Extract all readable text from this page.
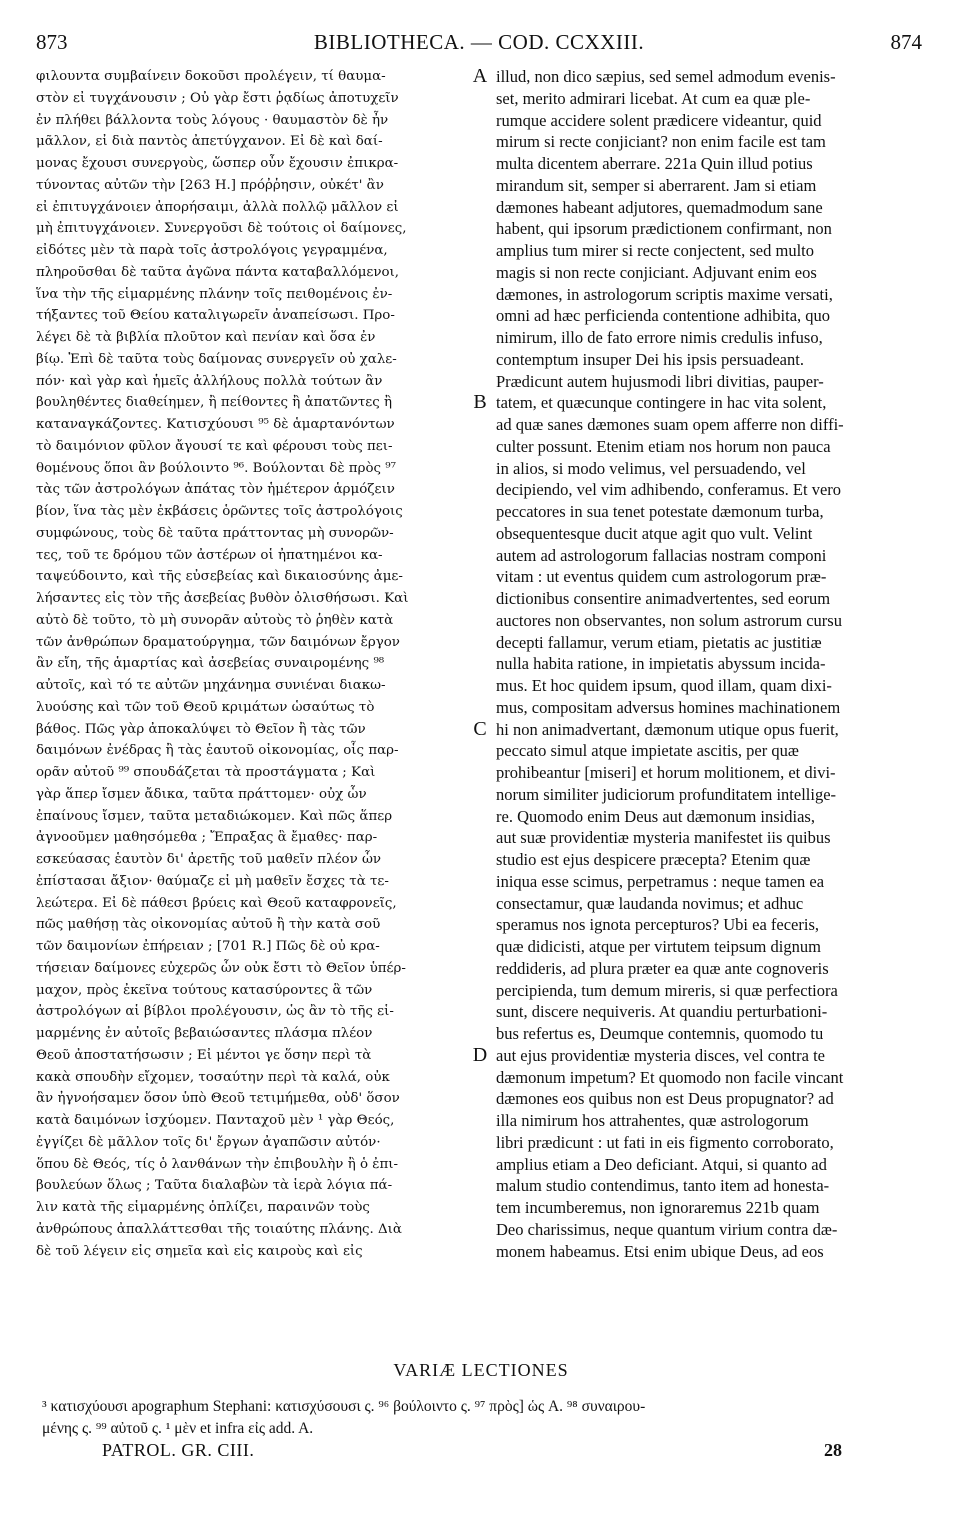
873	BIBLIOTHECA. — COD. CCXXIII.	874
φιλουντα συμβαίνειν δοκοῦσι προλέγειν, τί θαυμα-
στὸν εἰ τυγχάνουσιν ; Οὐ γὰρ ἔστι ῥᾳδίως ἀποτυχεῖν
ἐν πλήθει βάλλοντα τοὺς λόγους · θαυμαστὸν δὲ ἦν
μᾶλλον, εἰ διὰ παντὸς ἀπετύγχανον. Εἰ δὲ καὶ δαί-
μονας ἔχουσι συνεργοὺς, ὥσπερ οὖν ἔχουσιν ἐπικρα-
τύνοντας αὐτῶν τὴν [263 H.] πρόῤῥησιν, οὐκέτ' ἂν
εἰ ἐπιτυγχάνοιεν ἀπορήσαιμι, ἀλλὰ πολλῷ μᾶλλον εἰ
μὴ ἐπιτυγχάνοιεν. Συνεργοῦσι δὲ τούτοις οἱ δαίμονες,
εἰδότες μὲν τὰ παρὰ τοῖς ἀστρολόγοις γεγραμμένα,
πληροῦσθαι δὲ ταῦτα ἀγῶνα πάντα καταβαλλόμενοι,
ἵνα τὴν τῆς εἱμαρμένης πλάνην τοῖς πειθομένοις ἐν-
τήξαντες τοῦ Θείου καταλιγωρεῖν ἀναπείσωσι. Προ-
λέγει δὲ τὰ βιβλία πλοῦτον καὶ πενίαν καὶ ὅσα ἐν
βίῳ. Ἐπὶ δὲ ταῦτα τοὺς δαίμονας συνεργεῖν οὐ χαλε-
πόν· καὶ γὰρ καὶ ἡμεῖς ἀλλήλους πολλὰ τούτων ἂν
βουληθέντες διαθείημεν, ἢ πείθοντες ἢ ἀπατῶντες ἢ
καταναγκάζοντες. Κατισχύουσι ⁹⁵ δὲ ἁμαρτανόντων
τὸ δαιμόνιον φῦλον ἄγουσί τε καὶ φέρουσι τοὺς πει-
θομένους ὅποι ἂν βούλοιντο ⁹⁶. Βούλονται δὲ πρὸς ⁹⁷
τὰς τῶν ἀστρολόγων ἀπάτας τὸν ἡμέτερον ἁρμόζειν
βίον, ἵνα τὰς μὲν ἐκβάσεις ὁρῶντες τοῖς ἀστρολόγοις
συμφώνους, τοὺς δὲ ταῦτα πράττοντας μὴ συνορῶν-
τες, τοῦ τε δρόμου τῶν ἀστέρων οἱ ἠπατημένοι κα-
ταψεύδοιντο, καὶ τῆς εὐσεβείας καὶ δικαιοσύνης ἀμε-
λήσαντες εἰς τὸν τῆς ἀσεβείας βυθὸν ὀλισθήσωσι. Καὶ
αὐτὸ δὲ τοῦτο, τὸ μὴ συνορᾶν αὐτοὺς τὸ ῥηθὲν κατὰ
τῶν ἀνθρώπων δραματούργημα, τῶν δαιμόνων ἔργον
ἂν εἴη, τῆς ἁμαρτίας καὶ ἀσεβείας συναιρομένης ⁹⁸
αὐτοῖς, καὶ τό τε αὐτῶν μηχάνημα συνιέναι διακω-
λυούσης καὶ τῶν τοῦ Θεοῦ κριμάτων ὡσαύτως τὸ
βάθος. Πῶς γὰρ ἀποκαλύψει τὸ Θεῖον ἢ τὰς τῶν
δαιμόνων ἐνέδρας ἢ τὰς ἑαυτοῦ οἰκονομίας, οἷς παρ-
ορᾶν αὐτοῦ ⁹⁹ σπουδάζεται τὰ προστάγματα ; Καὶ
γὰρ ἅπερ ἴσμεν ἄδικα, ταῦτα πράττομεν· οὐχ ὧν
ἐπαίνους ἴσμεν, ταῦτα μεταδιώκομεν. Καὶ πῶς ἅπερ
ἀγνοοῦμεν μαθησόμεθα ; Ἔπραξας ἃ ἔμαθες· παρ-
εσκεύασας ἑαυτὸν δι' ἀρετῆς τοῦ μαθεῖν πλέον ὧν
ἐπίστασαι ἄξιον· θαύμαζε εἰ μὴ μαθεῖν ἔσχες τὰ τε-
λεώτερα. Εἰ δὲ πάθεσι βρύεις καὶ Θεοῦ καταφρονεῖς,
πῶς μαθήσῃ τὰς οἰκονομίας αὐτοῦ ἢ τὴν κατὰ σοῦ
τῶν δαιμονίων ἐπήρειαν ; [701 R.] Πῶς δὲ οὐ κρα-
τήσειαν δαίμονες εὐχερῶς ὧν οὐκ ἔστι τὸ Θεῖον ὑπέρ-
μαχον, πρὸς ἐκεῖνα τούτους κατασύροντες ἃ τῶν
ἀστρολόγων αἱ βίβλοι προλέγουσιν, ὡς ἂν τὸ τῆς εἱ-
μαρμένης ἐν αὐτοῖς βεβαιώσαντες πλάσμα πλέον
Θεοῦ ἀποστατήσωσιν ; Εἰ μέντοι γε ὅσην περὶ τὰ
κακὰ σπουδὴν εἴχομεν, τοσαύτην περὶ τὰ καλά, οὐκ
ἂν ἠγνοήσαμεν ὅσον ὑπὸ Θεοῦ τετιμήμεθα, οὐδ' ὅσον
κατὰ δαιμόνων ἰσχύομεν. Πανταχοῦ μὲν ¹ γὰρ Θεός,
ἐγγίζει δὲ μᾶλλον τοῖς δι' ἔργων ἀγαπῶσιν αὐτόν·
ὅπου δὲ Θεός, τίς ὁ λανθάνων τὴν ἐπιβουλὴν ἢ ὁ ἐπι-
βουλεύων ὅλως ; Ταῦτα διαλαβὼν τὰ ἱερὰ λόγια πά-
λιν κατὰ τῆς εἱμαρμένης ὁπλίζει, παραινῶν τοὺς
ἀνθρώπους ἀπαλλάττεσθαι τῆς τοιαύτης πλάνης. Διὰ
δὲ τοῦ λέγειν εἰς σημεῖα καὶ εἰς καιροὺς καὶ εἰς
A
B
C
D
illud, non dico sæpius, sed semel admodum evenis-
set, merito admirari licebat. At cum ea quæ ple-
rumque accidere solent prædicere videantur, quid
mirum si recte conjiciant? non enim facile est tam
multa dicentem aberrare. 221a Quin illud potius
mirandum sit, semper si aberrarent. Jam si etiam
dæmones habeant adjutores, quemadmodum sane
habent, qui ipsorum prædictionem confirmant, non
amplius tum mirer si recte conjectent, sed multo
magis si non recte conjiciant. Adjuvant enim eos
dæmones, in astrologorum scriptis maxime versati,
omni ad hæc perficienda contentione adhibita, quo
nimirum, illo de fato errore nimis credulis infuso,
contemptum insuper Dei his ipsis persuadeant.
Prædicunt autem hujusmodi libri divitias, pauper-
tatem, et quæcunque contingere in hac vita solent,
ad quæ sanes dæmones suam opem afferre non diffi-
culter possunt. Etenim etiam nos horum non pauca
in alios, si modo velimus, vel persuadendo, vel
decipiendo, vel vim adhibendo, conferamus. Et vero
peccatores in sua tenet potestate dæmonum turba,
obsequentesque ducit atque agit quo vult. Velint
autem ad astrologorum fallacias nostram componi
vitam : ut eventus quidem cum astrologorum præ-
dictionibus consentire animadvertentes, sed eorum
auctores non observantes, non solum astrorum cursu
decepti fallamur, verum etiam, pietatis ac justitiæ
nulla habita ratione, in impietatis abyssum incida-
mus. Et hoc quidem ipsum, quod illam, quam dixi-
mus, compositam adversus homines machinationem
hi non animadvertant, dæmonum utique opus fuerit,
peccato simul atque impietate ascitis, per quæ
prohibeantur [miseri] et horum molitionem, et divi-
norum similiter judiciorum profunditatem intellige-
re. Quomodo enim Deus aut dæmonum insidias,
aut suæ providentiæ mysteria manifestet iis quibus
studio est ejus despicere præcepta? Etenim quæ
iniqua esse scimus, perpetramus : neque tamen ea
consectamur, quæ laudanda novimus; et adhuc
speramus nos ignota percepturos? Ubi ea feceris,
quæ didicisti, atque per virtutem teipsum dignum
reddideris, ad plura præter ea quæ ante cognoveris
percipienda, tum demum mireris, si quæ perfectiora
sunt, discere nequiveris. At quandiu perturbationi-
bus refertus es, Deumque contemnis, quomodo tu
aut ejus providentiæ mysteria disces, vel contra te
dæmonum impetum? Et quomodo non facile vincant
dæmones eos quibus non est Deus propugnator? ad
illa nimirum hos attrahentes, quæ astrologorum
libri prædicunt : ut fati in eis figmento corroborato,
amplius etiam a Deo deficiant. Atqui, si quanto ad
malum studio contendimus, tanto item ad honesta-
tem incumberemus, non ignoraremus 221b quam
Deo charissimus, neque quantum virium contra dæ-
monem habeamus. Etsi enim ubique Deus, ad eos
VARIÆ LECTIONES
³ κατισχύουσι apographum Stephani: κατισχύσουσι ς. ⁹⁶ βούλοιντο ς. ⁹⁷ πρὸς] ὡς A. ⁹⁸ συναιρου-
μένης ς. ⁹⁹ αὐτοῦ ς. ¹ μὲν et infra εἰς add. A.
PATROL. GR. CIII.	28
